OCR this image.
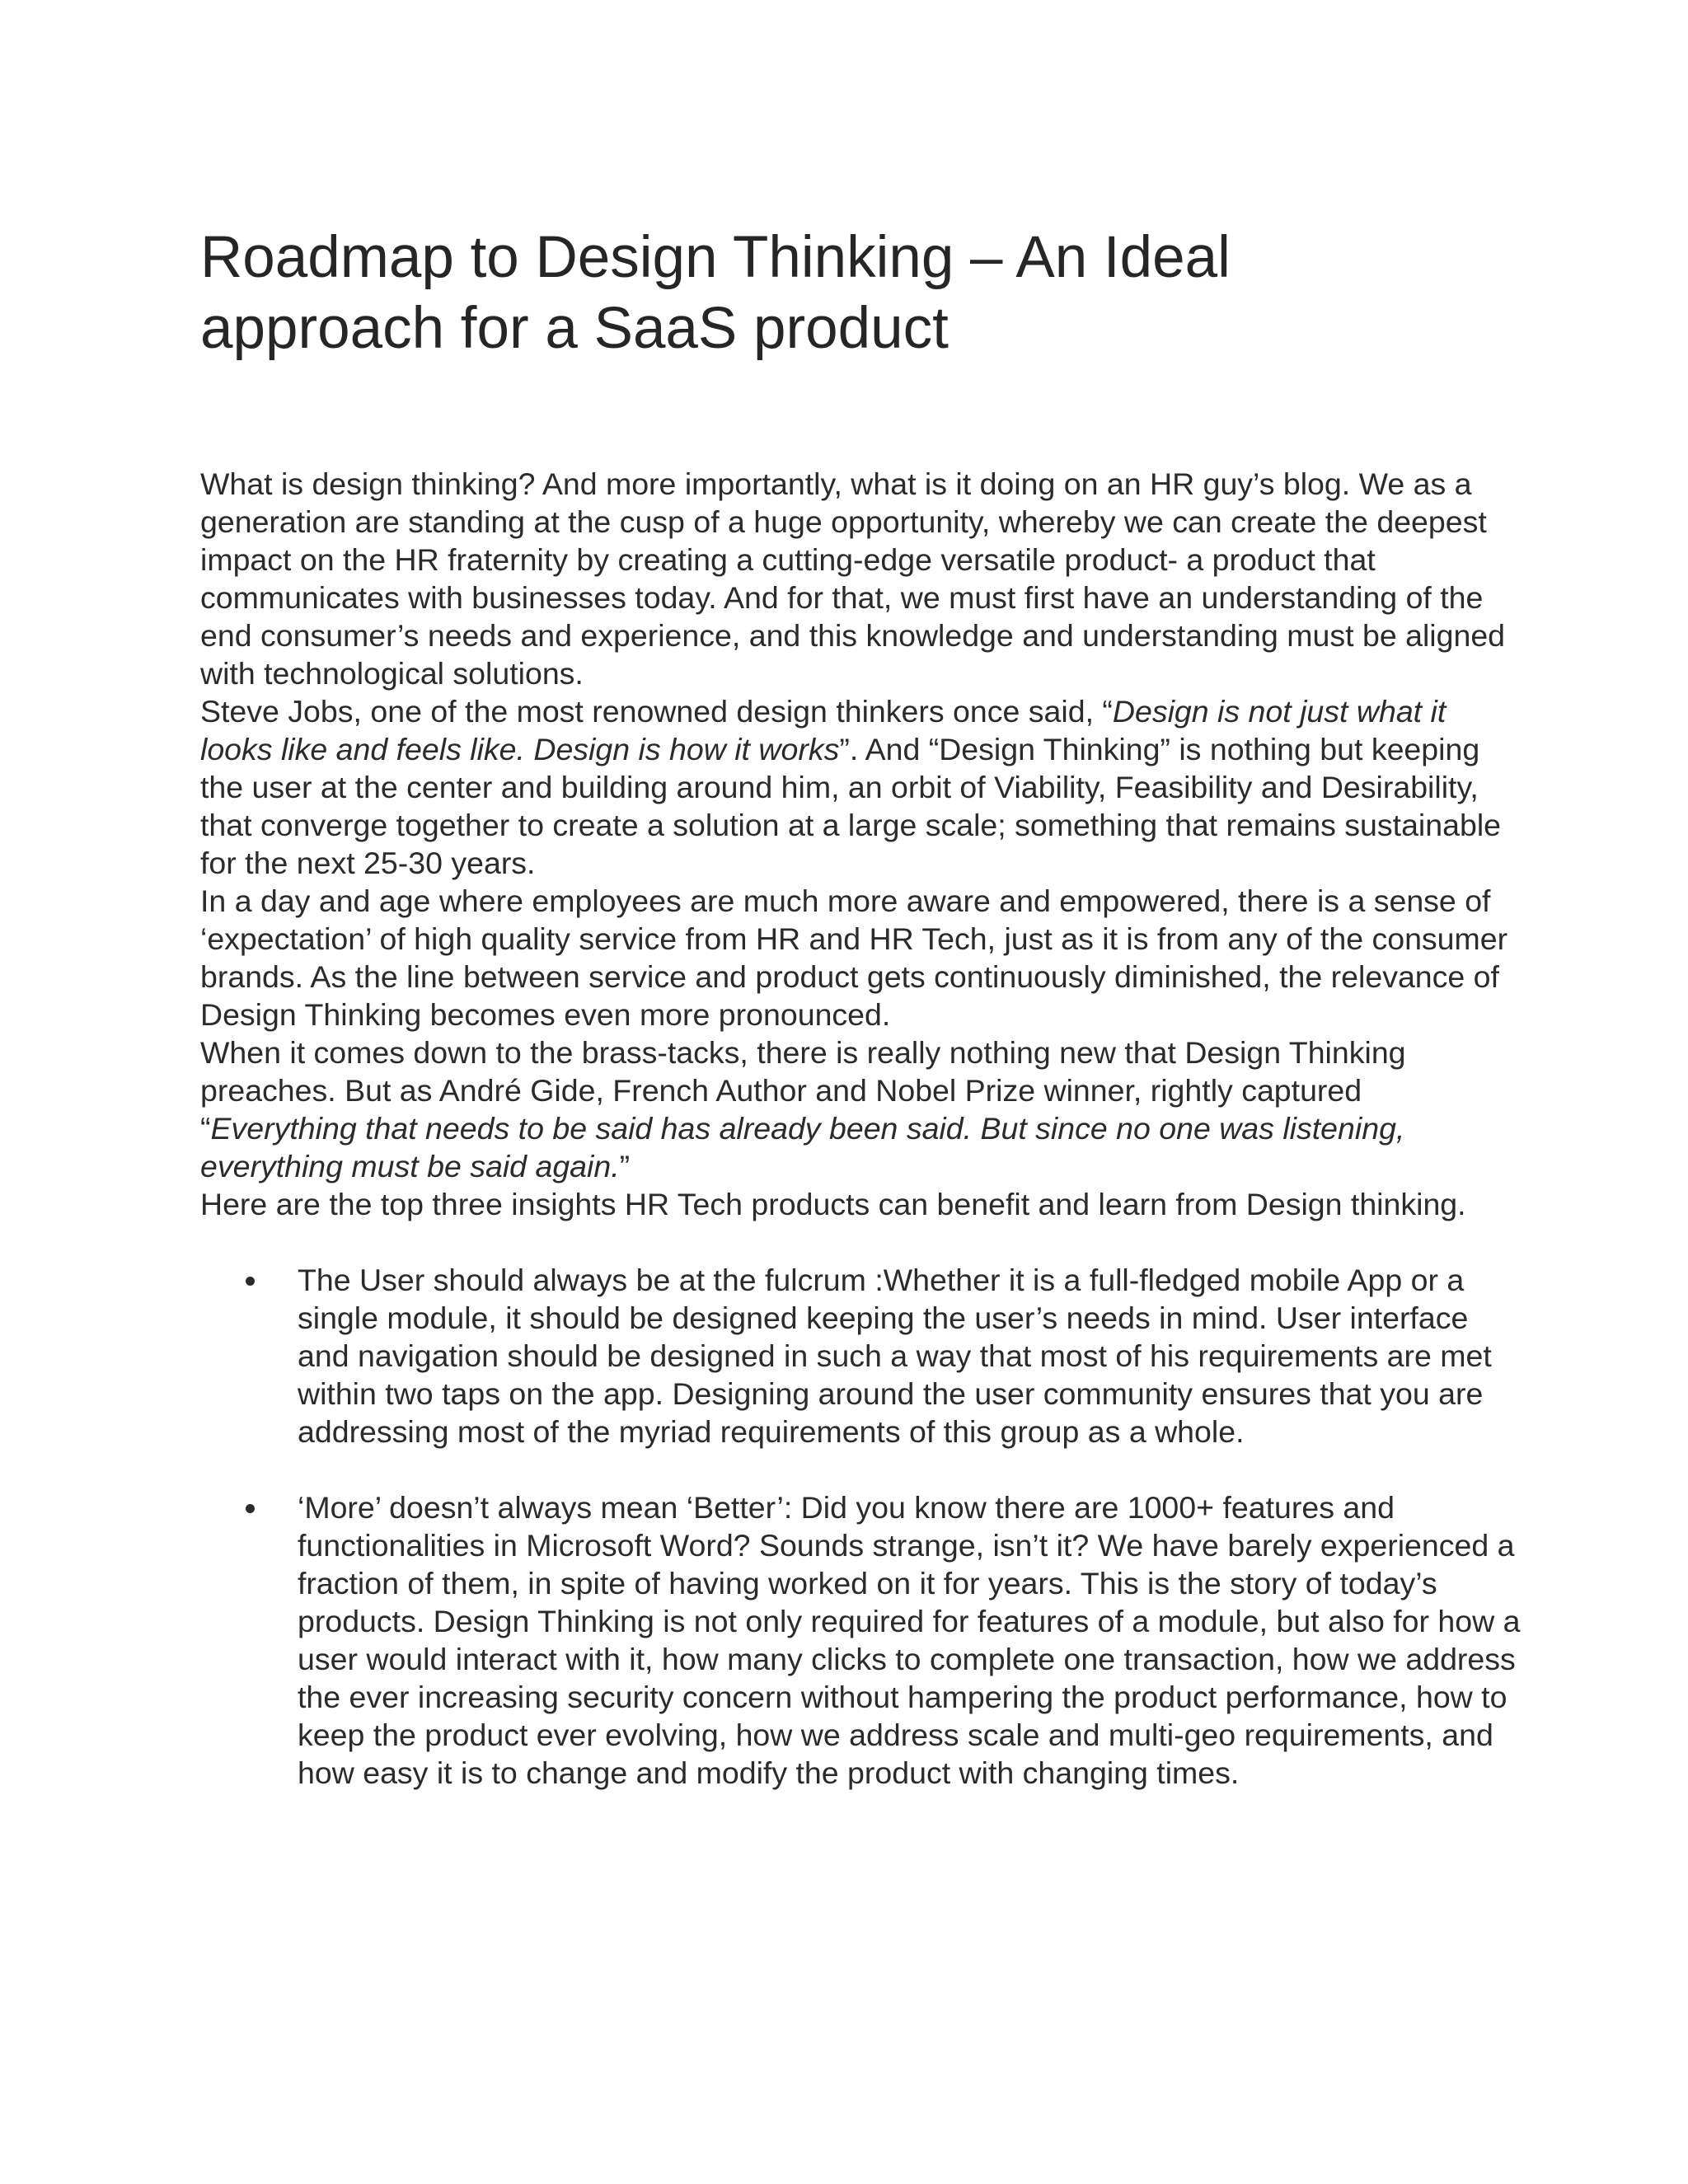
Roadmap to Design Thinking – An Ideal approach for a SaaS product

What is design thinking? And more importantly, what is it doing on an HR guy’s blog. We as a generation are standing at the cusp of a huge opportunity, whereby we can create the deepest impact on the HR fraternity by creating a cutting-edge versatile product- a product that communicates with businesses today. And for that, we must first have an understanding of the end consumer’s needs and experience, and this knowledge and understanding must be aligned with technological solutions.

Steve Jobs, one of the most renowned design thinkers once said, “Design is not just what it looks like and feels like. Design is how it works”. And “Design Thinking” is nothing but keeping the user at the center and building around him, an orbit of Viability, Feasibility and Desirability, that converge together to create a solution at a large scale; something that remains sustainable for the next 25-30 years.

In a day and age where employees are much more aware and empowered, there is a sense of ‘expectation’ of high quality service from HR and HR Tech, just as it is from any of the consumer brands. As the line between service and product gets continuously diminished, the relevance of Design Thinking becomes even more pronounced.

When it comes down to the brass-tacks, there is really nothing new that Design Thinking preaches. But as André Gide, French Author and Nobel Prize winner, rightly captured “Everything that needs to be said has already been said. But since no one was listening, everything must be said again.”

Here are the top three insights HR Tech products can benefit and learn from Design thinking.

The User should always be at the fulcrum :Whether it is a full-fledged mobile App or a single module, it should be designed keeping the user’s needs in mind. User interface and navigation should be designed in such a way that most of his requirements are met within two taps on the app. Designing around the user community ensures that you are addressing most of the myriad requirements of this group as a whole.
‘More’ doesn’t always mean ‘Better’: Did you know there are 1000+ features and functionalities in Microsoft Word? Sounds strange, isn’t it? We have barely experienced a fraction of them, in spite of having worked on it for years. This is the story of today’s products. Design Thinking is not only required for features of a module, but also for how a user would interact with it, how many clicks to complete one transaction, how we address the ever increasing security concern without hampering the product performance, how to keep the product ever evolving, how we address scale and multi-geo requirements, and how easy it is to change and modify the product with changing times.
